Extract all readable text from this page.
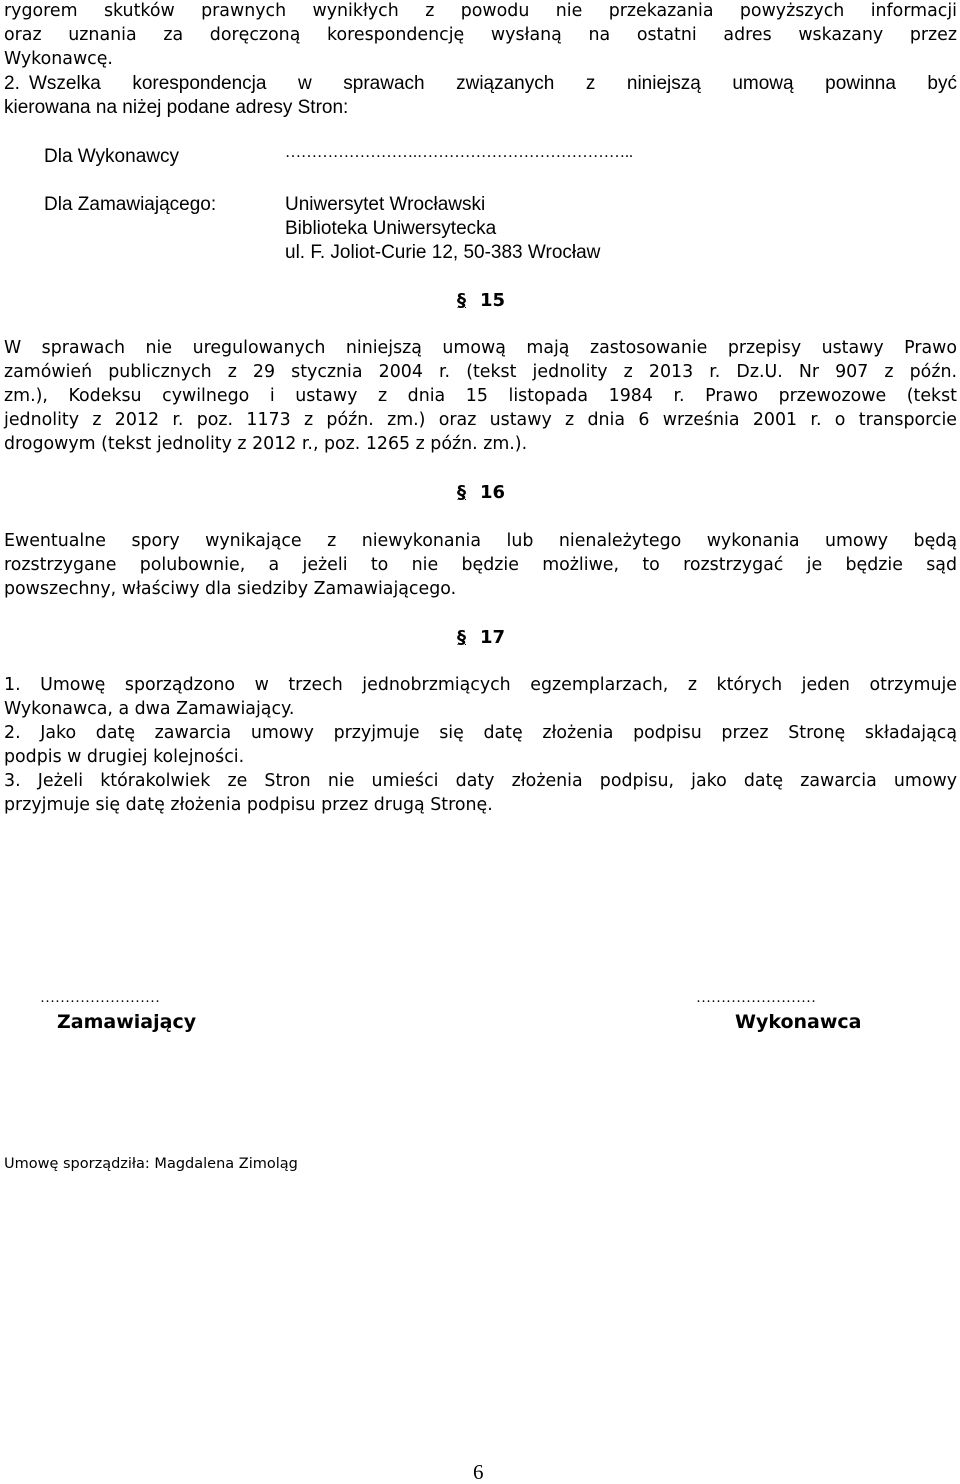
rygorem skutków prawnych wynikłych z powodu nie przekazania powyższych informacji
oraz uznania za doręczoną korespondencję wysłaną na ostatni adres wskazany przez
Wykonawcę.
2. Wszelka korespondencja w sprawach związanych z niniejszą umową powinna być
kierowana na niżej podane adresy Stron:
Dla Wykonawcy	…………………….…………………………………..
Dla Zamawiającego:	Uniwersytet Wrocławski
Biblioteka Uniwersytecka
ul. F. Joliot-Curie 12, 50-383 Wrocław
§ 15
W sprawach nie uregulowanych niniejszą umową mają zastosowanie przepisy ustawy Prawo
zamówień publicznych z 29 stycznia 2004 r. (tekst jednolity z 2013 r. Dz.U. Nr 907 z późn.
zm.), Kodeksu cywilnego i ustawy z dnia 15 listopada 1984 r. Prawo przewozowe (tekst
jednolity z 2012 r. poz. 1173 z późn. zm.) oraz ustawy z dnia 6 września 2001 r. o transporcie
drogowym (tekst jednolity z 2012 r., poz. 1265 z późn. zm.).
§ 16
Ewentualne spory wynikające z niewykonania lub nienależytego wykonania umowy będą
rozstrzygane polubownie, a jeżeli to nie będzie możliwe, to rozstrzygać je będzie sąd
powszechny, właściwy dla siedziby Zamawiającego.
§ 17
1. Umowę sporządzono w trzech jednobrzmiących egzemplarzach, z których jeden otrzymuje
Wykonawca, a dwa Zamawiający.
2. Jako datę zawarcia umowy przyjmuje się datę złożenia podpisu przez Stronę składającą
podpis w drugiej kolejności.
3. Jeżeli którakolwiek ze Stron nie umieści daty złożenia podpisu, jako datę zawarcia umowy
przyjmuje się datę złożenia podpisu przez drugą Stronę.
……………………
Zamawiający
……………………
Wykonawca
Umowę sporządziła: Magdalena Zimoląg
6
